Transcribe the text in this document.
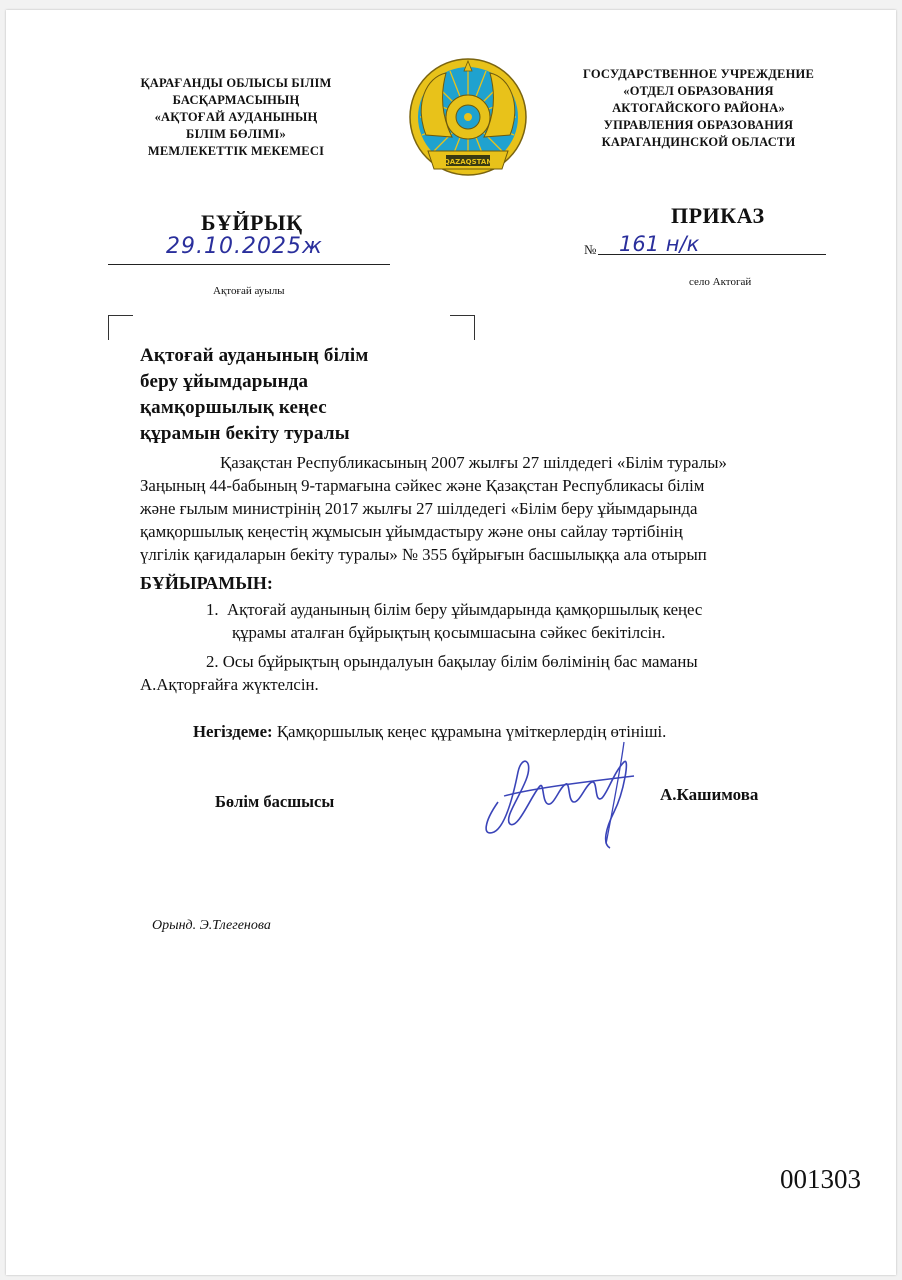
ҚАРАҒАНДЫ ОБЛЫСЫ БІЛІМ
БАСҚАРМАСЫНЫҢ
«АҚТОҒАЙ АУДАНЫНЫҢ
БІЛІМ БӨЛІМІ»
МЕМЛЕКЕТТІК МЕКЕМЕСІ
QAZAQSTAN
ГОСУДАРСТВЕННОЕ УЧРЕЖДЕНИЕ
«ОТДЕЛ ОБРАЗОВАНИЯ
АКТОГАЙСКОГО РАЙОНА»
УПРАВЛЕНИЯ ОБРАЗОВАНИЯ
КАРАГАНДИНСКОЙ ОБЛАСТИ
БҰЙРЫҚ	ПРИКАЗ
29.10.2025ж	№ 161 н/к
Ақтоғай ауылы
село Актогай
Ақтоғай ауданының білім
беру ұйымдарында
қамқоршылық кеңес
құрамын бекіту туралы
Қазақстан Республикасының 2007 жылғы 27 шілдедегі «Білім туралы»
Заңының 44-бабының 9-тармағына сәйкес және Қазақстан Республикасы білім
және ғылым министрінің 2017 жылғы 27 шілдедегі «Білім беру ұйымдарында
қамқоршылық кеңестің жұмысын ұйымдастыру және оны сайлау тәртібінің
үлгілік қағидаларын бекіту туралы» № 355 бұйрығын басшылыққа ала отырып
БҰЙЫРАМЫН:
1. Ақтоғай ауданының білім беру ұйымдарында қамқоршылық кеңес
құрамы аталған бұйрықтың қосымшасына сәйкес бекітілсін.
2. Осы бұйрықтың орындалуын бақылау білім бөлімінің бас маманы
А.Ақторғайға жүктелсін.
Негіздеме: Қамқоршылық кеңес құрамына үміткерлердің өтініші.
Бөлім басшысы	А.Кашимова
Орынд. Э.Тлегенова
001303
